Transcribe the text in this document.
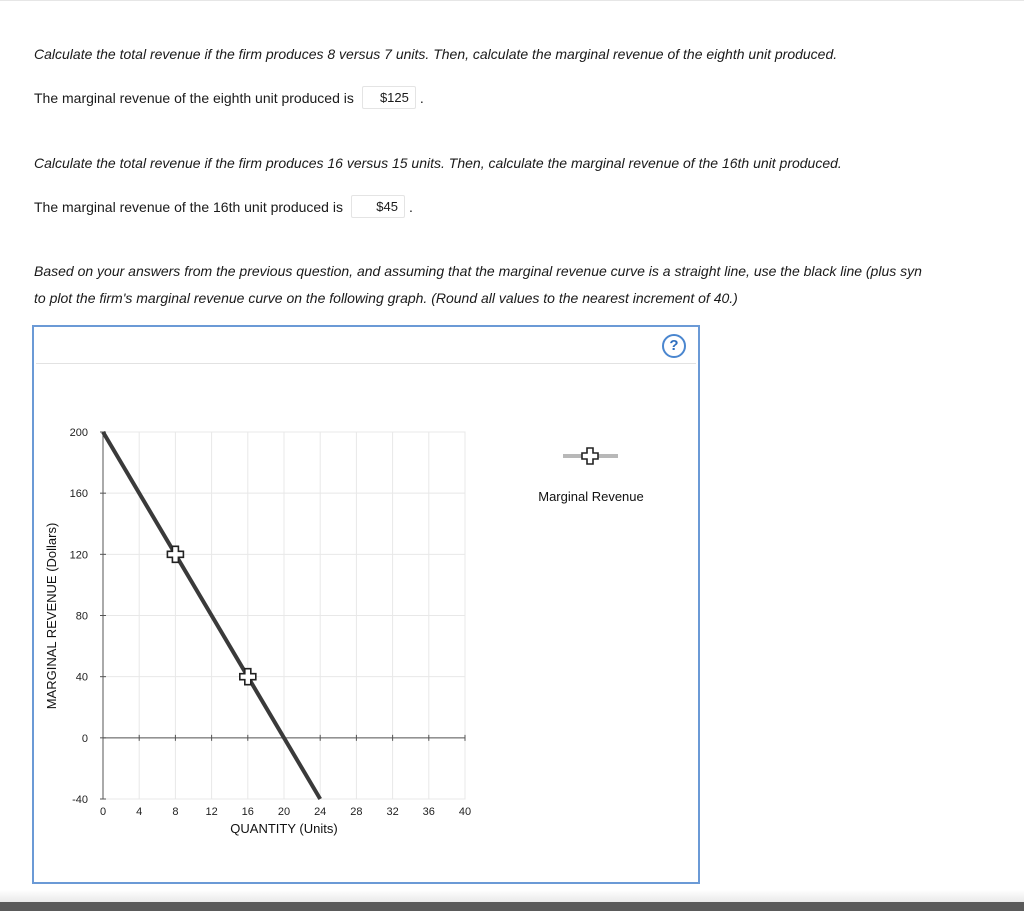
Calculate the total revenue if the firm produces 8 versus 7 units. Then, calculate the marginal revenue of the eighth unit produced.
The marginal revenue of the eighth unit produced is	$125 .
Calculate the total revenue if the firm produces 16 versus 15 units. Then, calculate the marginal revenue of the 16th unit produced.
The marginal revenue of the 16th unit produced is	$45 .
Based on your answers from the previous question, and assuming that the marginal revenue curve is a straight line, use the black line (plus syn
to plot the firm's marginal revenue curve on the following graph. (Round all values to the nearest increment of 40.)
?
0	4	8 12 16 20 24 28 32 36 40
-40
0
40
80
120
160
200
QUANTITY (Units)
MARGINAL REVENUE (Dollars)
Marginal Revenue
